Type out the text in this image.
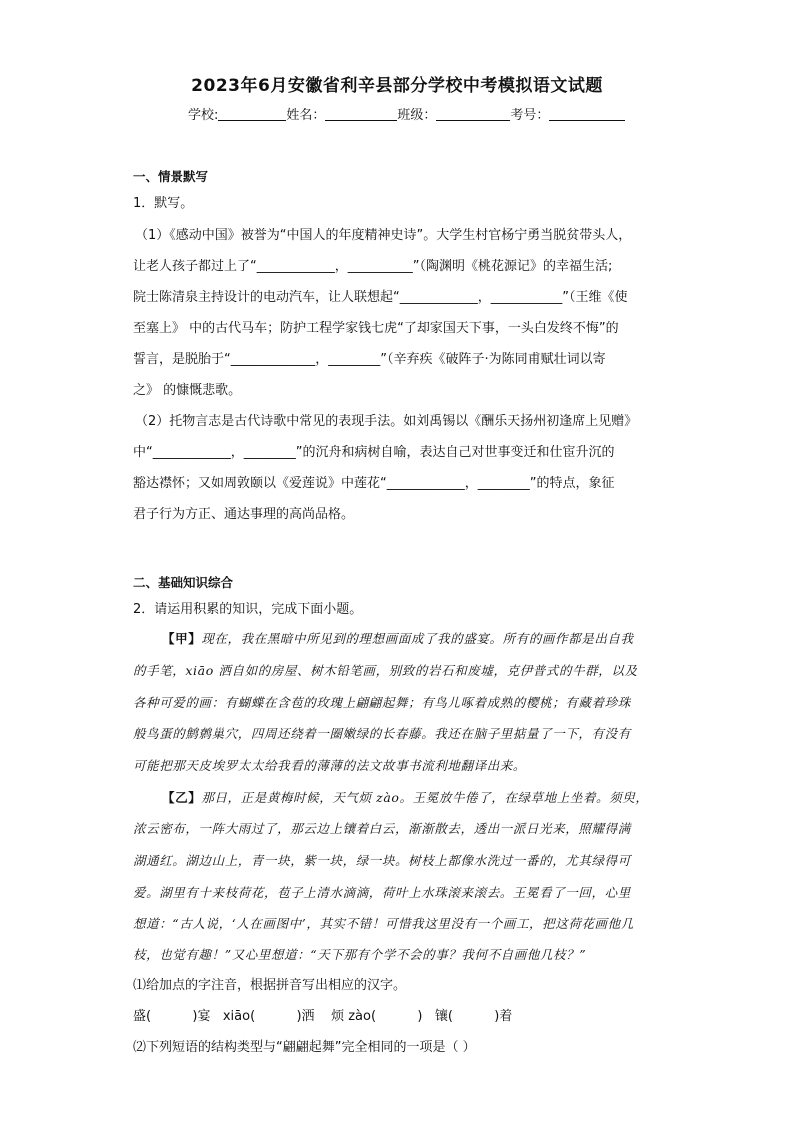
2023年6月安徽省利辛县部分学校中考模拟语文试题
学校:	姓名：	班级：	考号：
一、情景默写
1．默写。
（1）《感动中国》被誉为“中国人的年度精神史诗”。大学生村官杨宁勇当脱贫带头人，
让老人孩子都过上了“____________，__________”（陶渊明《桃花源记》的幸福生活;
院士陈清泉主持设计的电动汽车，让人联想起“____________，___________”（王维《使
至塞上》 中的古代马车；防护工程学家钱七虎“了却家国天下事，一头白发终不悔”的
誓言，是脱胎于“_____________，________”（辛弃疾《破阵子·为陈同甫赋壮词以寄
之》 的慷慨悲歌。
（2）托物言志是古代诗歌中常见的表现手法。如刘禹锡以《酬乐天扬州初逢席上见赠》
中“____________，________”的沉舟和病树自喻，表达自己对世事变迁和仕宦升沉的
豁达襟怀；又如周敦颐以《爱莲说》中莲花“____________，________”的特点，象征
君子行为方正、通达事理的高尚品格。
二、基础知识综合
2．请运用积累的知识，完成下面小题。
【甲】现在，我在黑暗中所见到的理想画面成了我的盛宴。所有的画作都是出自我
的手笔，xiāo 洒自如的房屋、树木铅笔画，别致的岩石和废墟，克伊普式的牛群，以及
各种可爱的画：有蝴蝶在含苞的玫瑰上翩翩起舞；有鸟儿啄着成熟的樱桃；有藏着珍珠
般鸟蛋的鹪鹩巢穴，四周还绕着一圈嫩绿的长春藤。我还在脑子里掂量了一下，有没有
可能把那天皮埃罗太太给我看的薄薄的法文故事书流利地翻译出来。
【乙】那日，正是黄梅时候，天气烦 zào。王冕放牛倦了，在绿草地上坐着。须臾，
浓云密布，一阵大雨过了，那云边上镶着白云，渐渐散去，透出一派日光来，照耀得满
湖通红。湖边山上，青一块，紫一块，绿一块。树枝上都像水洗过一番的，尤其绿得可
爱。湖里有十来枝荷花，苞子上清水滴滴，荷叶上水珠滚来滚去。王冕看了一回，心里
想道：“古人说，‘人在画图中’，其实不错！可惜我这里没有一个画工，把这荷花画他几
枝，也觉有趣！”又心里想道：“天下那有个学不会的事？我何不自画他几枝？”
⑴给加点的字注音，根据拼音写出相应的汉字。
盛(          )宴   xiāo(          )洒    烦 zào(          )   镶(          )着
⑵下列短语的结构类型与“翩翩起舞”完全相同的一项是（ ）
